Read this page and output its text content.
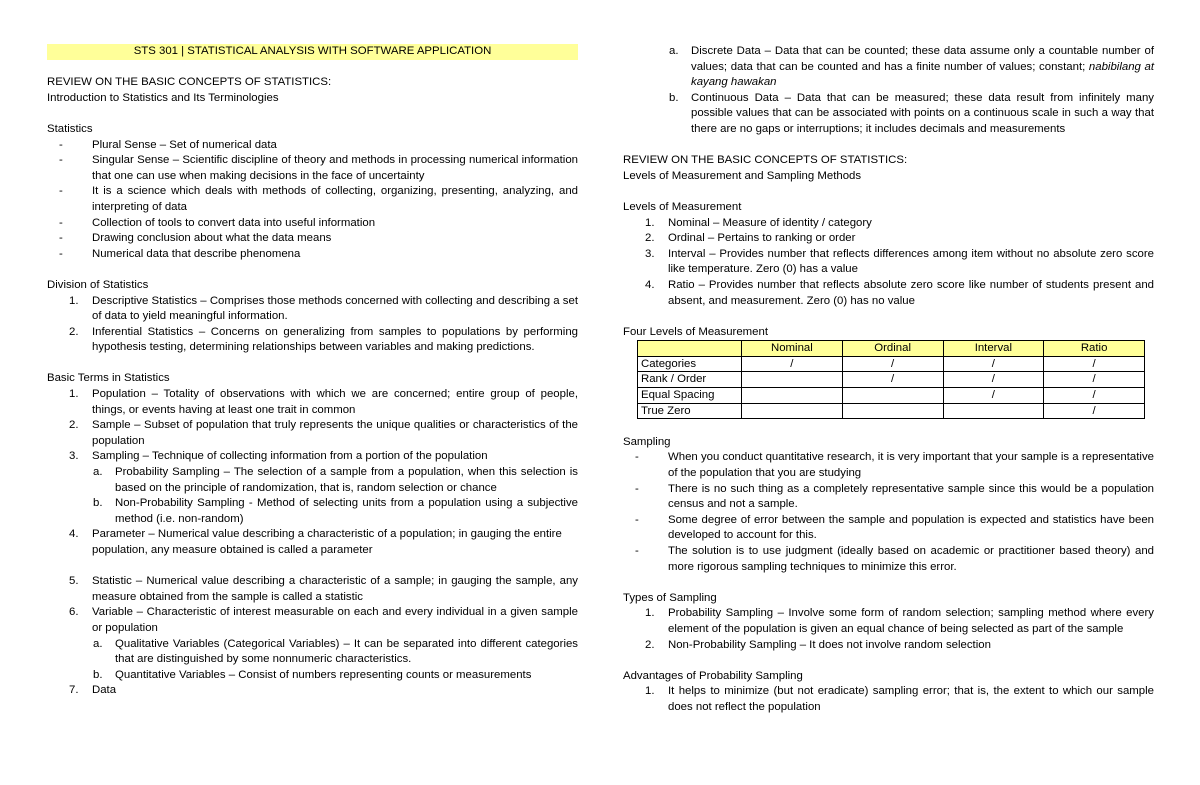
STS 301 | STATISTICAL ANALYSIS WITH SOFTWARE APPLICATION
REVIEW ON THE BASIC CONCEPTS OF STATISTICS:
Introduction to Statistics and Its Terminologies
Statistics
-	Plural Sense – Set of numerical data
-	Singular Sense – Scientific discipline of theory and methods in processing numerical information that one can use when making decisions in the face of uncertainty
-	It is a science which deals with methods of collecting, organizing, presenting, analyzing, and interpreting of data
-	Collection of tools to convert data into useful information
-	Drawing conclusion about what the data means
-	Numerical data that describe phenomena
Division of Statistics
1. Descriptive Statistics – Comprises those methods concerned with collecting and describing a set of data to yield meaningful information.
2. Inferential Statistics – Concerns on generalizing from samples to populations by performing hypothesis testing, determining relationships between variables and making predictions.
Basic Terms in Statistics
1. Population – Totality of observations with which we are concerned; entire group of people, things, or events having at least one trait in common
2. Sample – Subset of population that truly represents the unique qualities or characteristics of the population
3. Sampling – Technique of collecting information from a portion of the population
a. Probability Sampling – The selection of a sample from a population, when this selection is based on the principle of randomization, that is, random selection or chance
b. Non-Probability Sampling - Method of selecting units from a population using a subjective method (i.e. non-random)
4. Parameter – Numerical value describing a characteristic of a population; in gauging the entire population, any measure obtained is called a parameter
5. Statistic – Numerical value describing a characteristic of a sample; in gauging the sample, any measure obtained from the sample is called a statistic
6. Variable – Characteristic of interest measurable on each and every individual in a given sample or population
a. Qualitative Variables (Categorical Variables) – It can be separated into different categories that are distinguished by some nonnumeric characteristics.
b. Quantitative Variables – Consist of numbers representing counts or measurements
7. Data
a. Discrete Data – Data that can be counted; these data assume only a countable number of values; data that can be counted and has a finite number of values; constant; nabibilang at kayang hawakan
b. Continuous Data – Data that can be measured; these data result from infinitely many possible values that can be associated with points on a continuous scale in such a way that there are no gaps or interruptions; it includes decimals and measurements
REVIEW ON THE BASIC CONCEPTS OF STATISTICS:
Levels of Measurement and Sampling Methods
Levels of Measurement
1. Nominal – Measure of identity / category
2. Ordinal – Pertains to ranking or order
3. Interval – Provides number that reflects differences among item without no absolute zero score like temperature. Zero (0) has a value
4. Ratio – Provides number that reflects absolute zero score like number of students present and absent, and measurement. Zero (0) has no value
Four Levels of Measurement
	Nominal	Ordinal	Interval	Ratio
Categories	/	/	/	/
Rank / Order		/	/	/
Equal Spacing			/	/
True Zero				/
Sampling
-	When you conduct quantitative research, it is very important that your sample is a representative of the population that you are studying
-	There is no such thing as a completely representative sample since this would be a population census and not a sample.
-	Some degree of error between the sample and population is expected and statistics have been developed to account for this.
-	The solution is to use judgment (ideally based on academic or practitioner based theory) and more rigorous sampling techniques to minimize this error.
Types of Sampling
1. Probability Sampling – Involve some form of random selection; sampling method where every element of the population is given an equal chance of being selected as part of the sample
2. Non-Probability Sampling – It does not involve random selection
Advantages of Probability Sampling
1. It helps to minimize (but not eradicate) sampling error; that is, the extent to which our sample does not reflect the population
